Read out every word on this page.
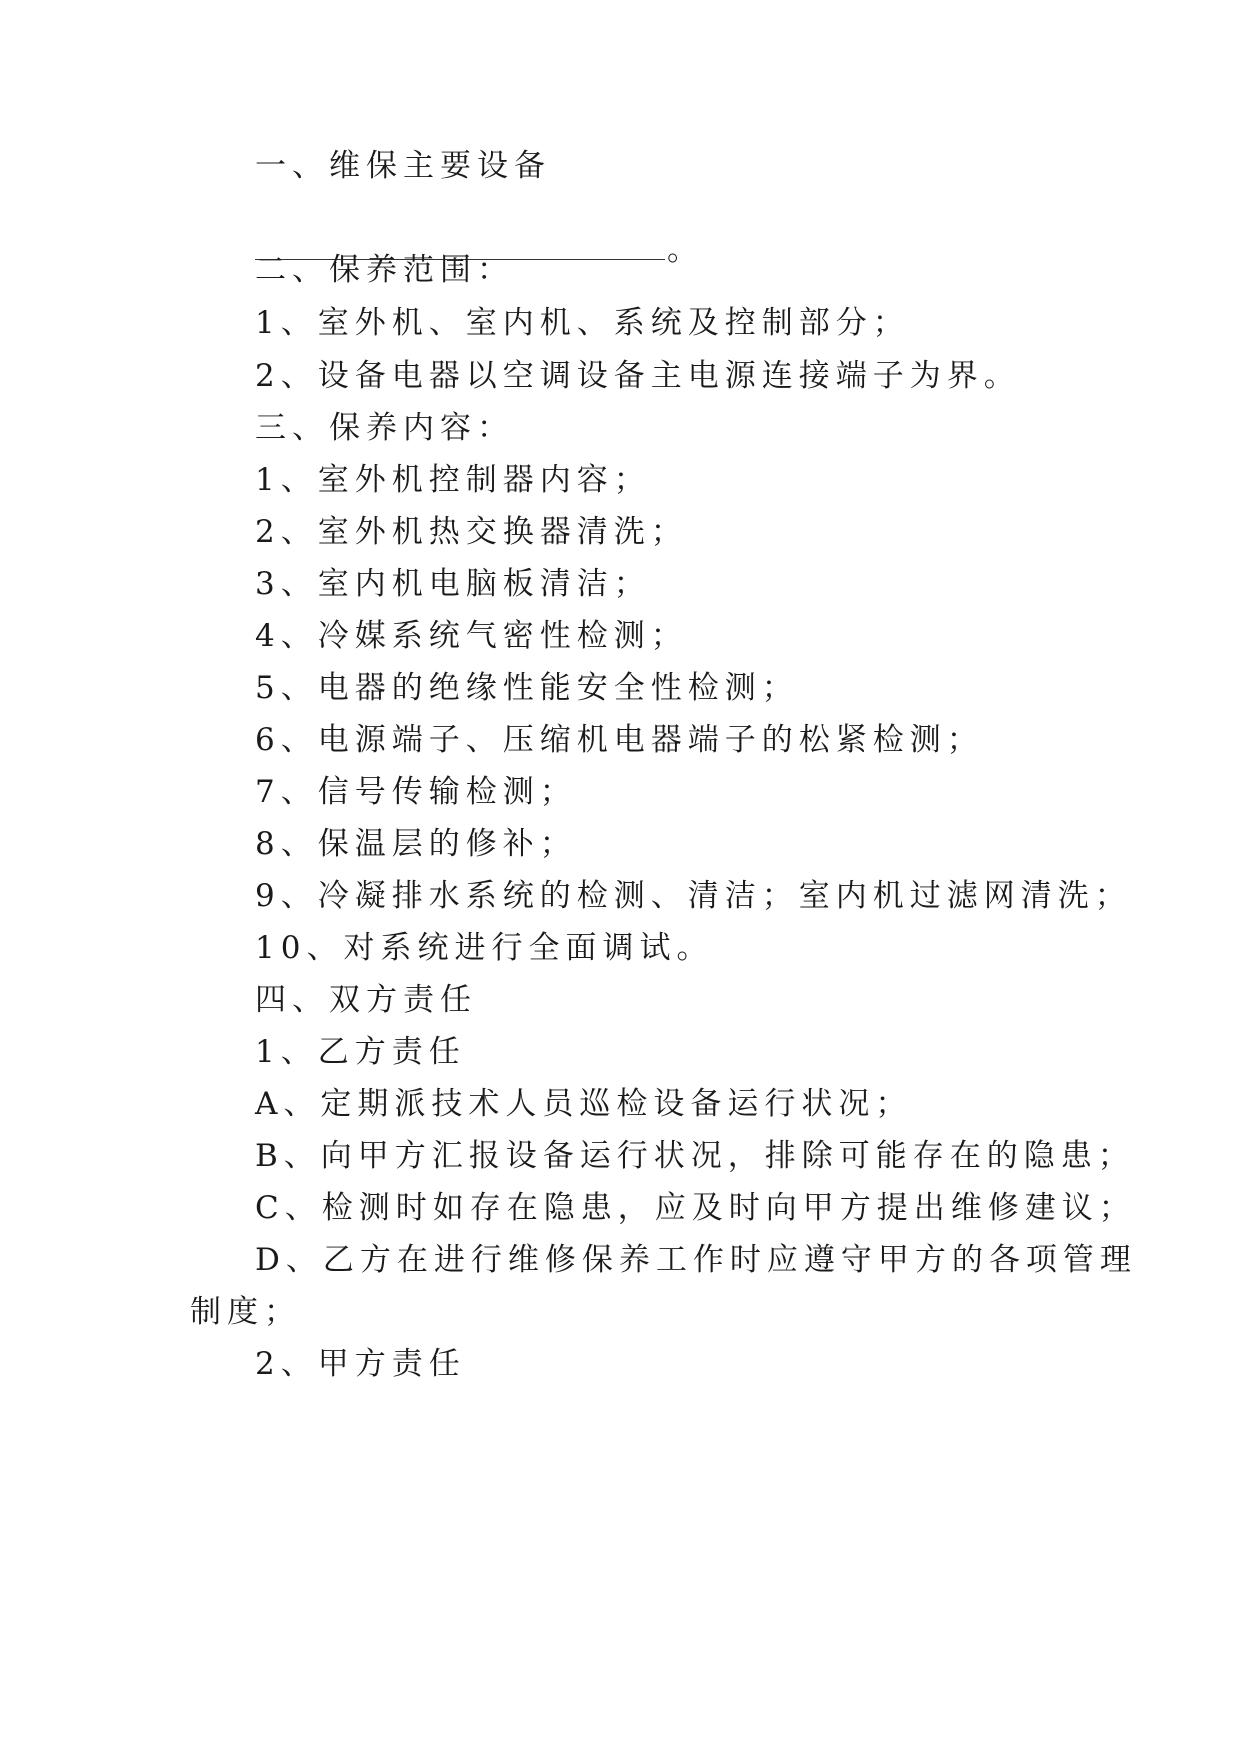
一、维保主要设备
。
二、保养范围：
1、室外机、室内机、系统及控制部分；
2、设备电器以空调设备主电源连接端子为界。
三、保养内容：
1、室外机控制器内容；
2、室外机热交换器清洗；
3、室内机电脑板清洁；
4、冷媒系统气密性检测；
5、电器的绝缘性能安全性检测；
6、电源端子、压缩机电器端子的松紧检测；
7、信号传输检测；
8、保温层的修补；
9、冷凝排水系统的检测、清洁；室内机过滤网清洗；
10、对系统进行全面调试。
四、双方责任
1、乙方责任
A、定期派技术人员巡检设备运行状况；
B、向甲方汇报设备运行状况，排除可能存在的隐患；
C、检测时如存在隐患，应及时向甲方提出维修建议；
D、乙方在进行维修保养工作时应遵守甲方的各项管理
制度；
2、甲方责任
